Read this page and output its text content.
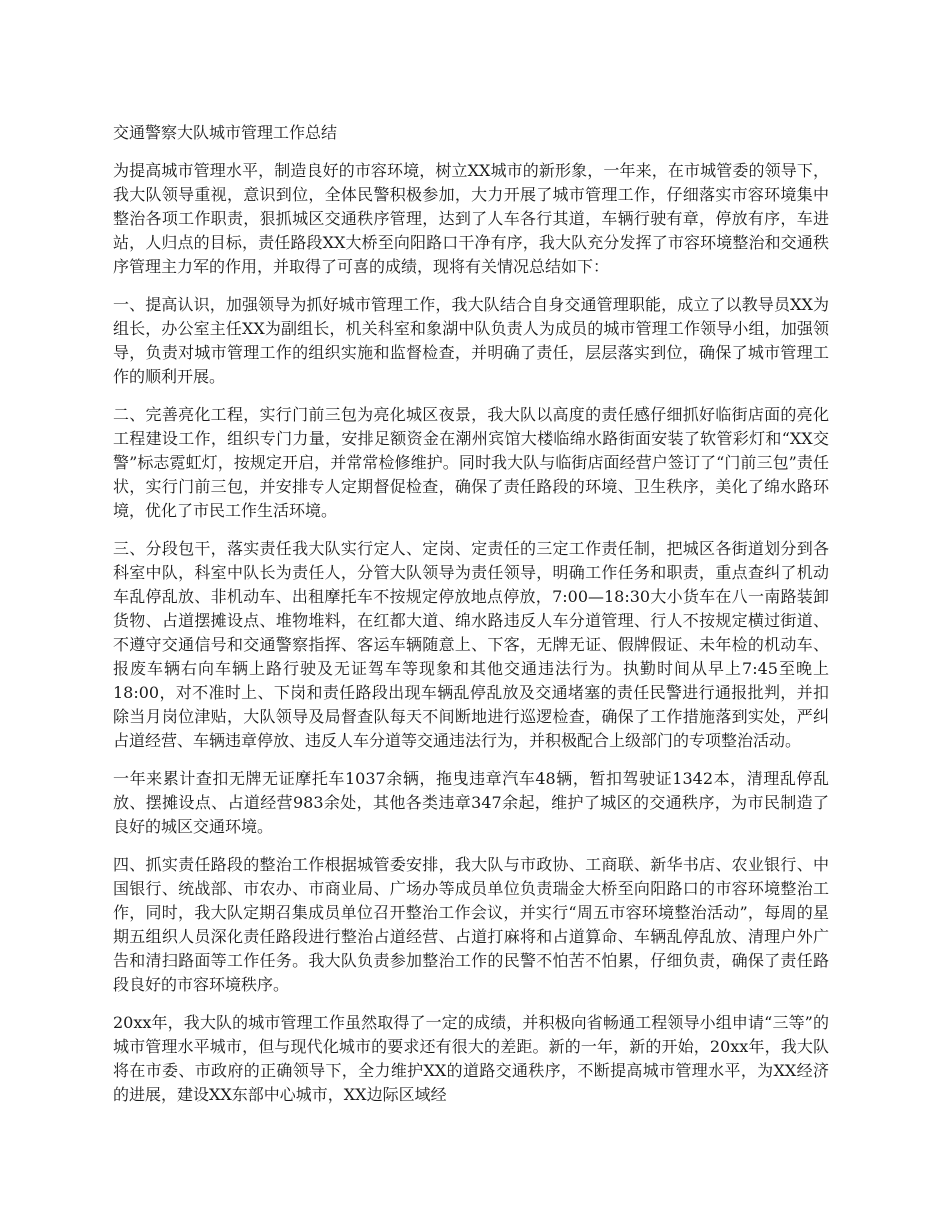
交通警察大队城市管理工作总结

为提高城市管理水平，制造良好的市容环境，树立XX城市的新形象，一年来，在市城管委的领导下，我大队领导重视，意识到位，全体民警积极参加，大力开展了城市管理工作，仔细落实市容环境集中整治各项工作职责，狠抓城区交通秩序管理，达到了人车各行其道，车辆行驶有章，停放有序，车进站，人归点的目标，责任路段XX大桥至向阳路口干净有序，我大队充分发挥了市容环境整治和交通秩序管理主力军的作用，并取得了可喜的成绩，现将有关情况总结如下：

一、提高认识，加强领导为抓好城市管理工作，我大队结合自身交通管理职能，成立了以教导员XX为组长，办公室主任XX为副组长，机关科室和象湖中队负责人为成员的城市管理工作领导小组，加强领导，负责对城市管理工作的组织实施和监督检查，并明确了责任，层层落实到位，确保了城市管理工作的顺利开展。

二、完善亮化工程，实行门前三包为亮化城区夜景，我大队以高度的责任感仔细抓好临街店面的亮化工程建设工作，组织专门力量，安排足额资金在潮州宾馆大楼临绵水路街面安装了软管彩灯和“XX交警”标志霓虹灯，按规定开启，并常常检修维护。同时我大队与临街店面经营户签订了“门前三包”责任状，实行门前三包，并安排专人定期督促检查，确保了责任路段的环境、卫生秩序，美化了绵水路环境，优化了市民工作生活环境。

三、分段包干，落实责任我大队实行定人、定岗、定责任的三定工作责任制，把城区各街道划分到各科室中队，科室中队长为责任人，分管大队领导为责任领导，明确工作任务和职责，重点查纠了机动车乱停乱放、非机动车、出租摩托车不按规定停放地点停放，7:00—18:30大小货车在八一南路装卸货物、占道摆摊设点、堆物堆料，在红都大道、绵水路违反人车分道管理、行人不按规定横过街道、不遵守交通信号和交通警察指挥、客运车辆随意上、下客，无牌无证、假牌假证、未年检的机动车、报废车辆右向车辆上路行驶及无证驾车等现象和其他交通违法行为。执勤时间从早上7:45至晚上18:00，对不准时上、下岗和责任路段出现车辆乱停乱放及交通堵塞的责任民警进行通报批判，并扣除当月岗位津贴，大队领导及局督查队每天不间断地进行巡逻检查，确保了工作措施落到实处，严纠占道经营、车辆违章停放、违反人车分道等交通违法行为，并积极配合上级部门的专项整治活动。

一年来累计查扣无牌无证摩托车1037余辆，拖曳违章汽车48辆，暂扣驾驶证1342本，清理乱停乱放、摆摊设点、占道经营983余处，其他各类违章347余起，维护了城区的交通秩序，为市民制造了良好的城区交通环境。

四、抓实责任路段的整治工作根据城管委安排，我大队与市政协、工商联、新华书店、农业银行、中国银行、统战部、市农办、市商业局、广场办等成员单位负责瑞金大桥至向阳路口的市容环境整治工作，同时，我大队定期召集成员单位召开整治工作会议，并实行“周五市容环境整治活动”，每周的星期五组织人员深化责任路段进行整治占道经营、占道打麻将和占道算命、车辆乱停乱放、清理户外广告和清扫路面等工作任务。我大队负责参加整治工作的民警不怕苦不怕累，仔细负责，确保了责任路段良好的市容环境秩序。

20xx年，我大队的城市管理工作虽然取得了一定的成绩，并积极向省畅通工程领导小组申请“三等”的城市管理水平城市，但与现代化城市的要求还有很大的差距。新的一年，新的开始，20xx年，我大队将在市委、市政府的正确领导下，全力维护XX的道路交通秩序，不断提高城市管理水平，为XX经济的进展，建设XX东部中心城市，XX边际区域经
